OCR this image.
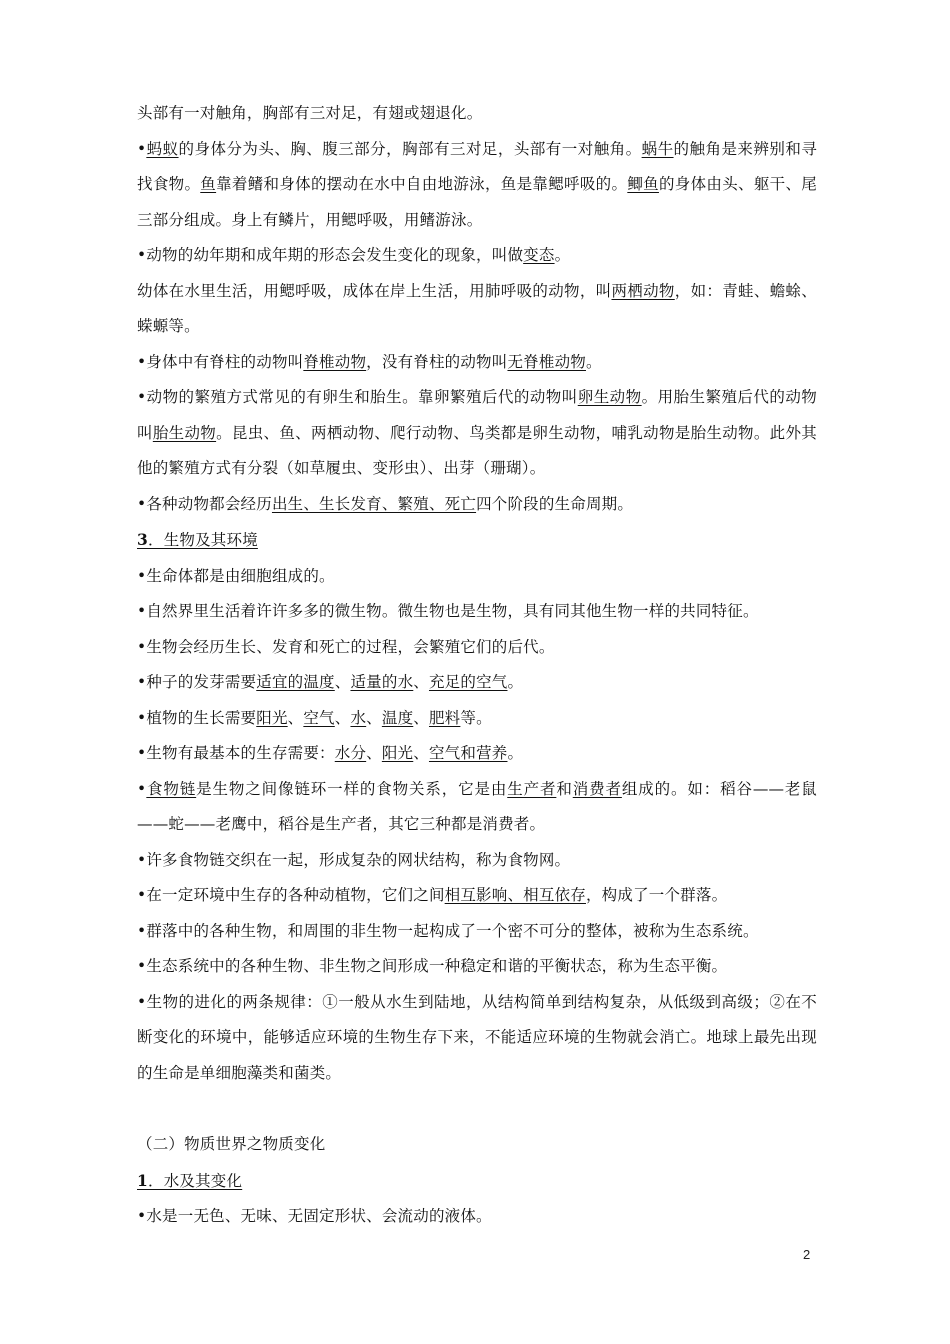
头部有一对触角，胸部有三对足，有翅或翅退化。

•蚂蚁的身体分为头、胸、腹三部分，胸部有三对足，头部有一对触角。蜗牛的触角是来辨别和寻找食物。鱼靠着鳍和身体的摆动在水中自由地游泳，鱼是靠鳃呼吸的。鲫鱼的身体由头、躯干、尾三部分组成。身上有鳞片，用鳃呼吸，用鳍游泳。

•动物的幼年期和成年期的形态会发生变化的现象，叫做变态。

幼体在水里生活，用鳃呼吸，成体在岸上生活，用肺呼吸的动物，叫两栖动物，如：青蛙、蟾蜍、蝾螈等。

•身体中有脊柱的动物叫脊椎动物，没有脊柱的动物叫无脊椎动物。

•动物的繁殖方式常见的有卵生和胎生。靠卵繁殖后代的动物叫卵生动物。用胎生繁殖后代的动物叫胎生动物。昆虫、鱼、两栖动物、爬行动物、鸟类都是卵生动物，哺乳动物是胎生动物。此外其他的繁殖方式有分裂（如草履虫、变形虫）、出芽（珊瑚）。

•各种动物都会经历出生、生长发育、繁殖、死亡四个阶段的生命周期。

3．生物及其环境

•生命体都是由细胞组成的。

•自然界里生活着许许多多的微生物。微生物也是生物，具有同其他生物一样的共同特征。

•生物会经历生长、发育和死亡的过程，会繁殖它们的后代。

•种子的发芽需要适宜的温度、适量的水、充足的空气。

•植物的生长需要阳光、空气、水、温度、肥料等。

•生物有最基本的生存需要：水分、阳光、空气和营养。

•食物链是生物之间像链环一样的食物关系，它是由生产者和消费者组成的。如：稻谷——老鼠——蛇——老鹰中，稻谷是生产者，其它三种都是消费者。

•许多食物链交织在一起，形成复杂的网状结构，称为食物网。

•在一定环境中生存的各种动植物，它们之间相互影响、相互依存，构成了一个群落。

•群落中的各种生物，和周围的非生物一起构成了一个密不可分的整体，被称为生态系统。

•生态系统中的各种生物、非生物之间形成一种稳定和谐的平衡状态，称为生态平衡。

•生物的进化的两条规律：①一般从水生到陆地，从结构简单到结构复杂，从低级到高级；②在不断变化的环境中，能够适应环境的生物生存下来，不能适应环境的生物就会消亡。地球上最先出现的生命是单细胞藻类和菌类。

（二）物质世界之物质变化

1．水及其变化

•水是一无色、无味、无固定形状、会流动的液体。

2
